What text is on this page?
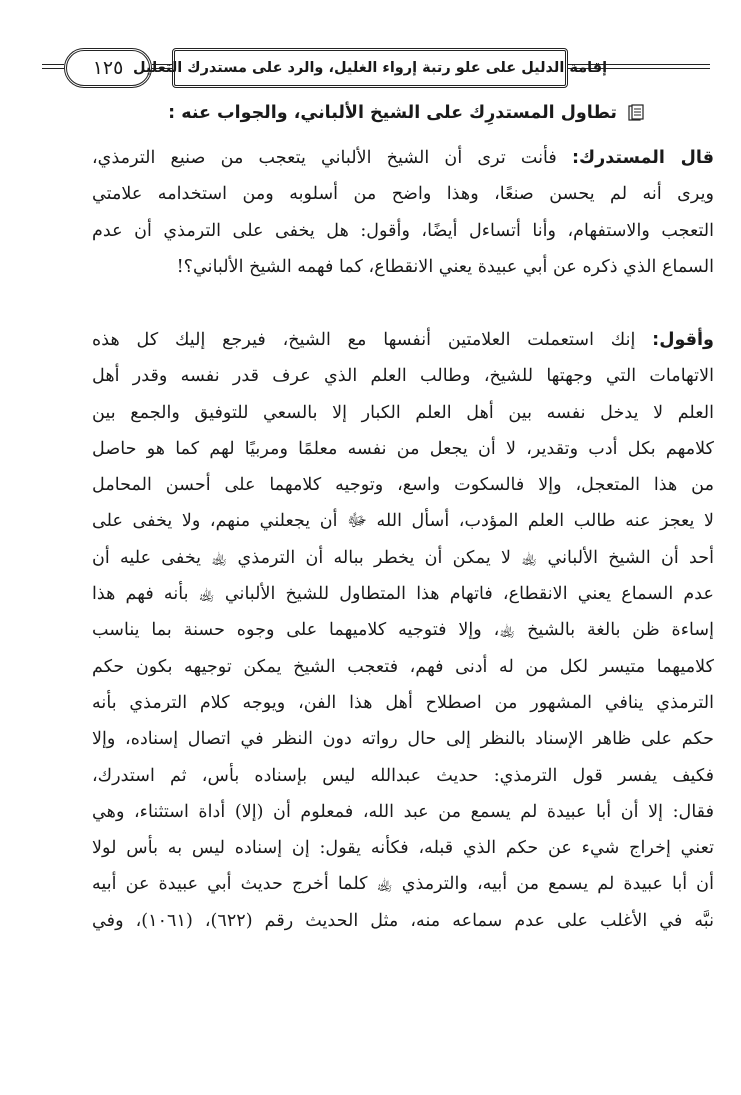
١٢٥ إقامة الدليل على علو رتبة إرواء الغليل، والرد على مستدرك التعليل
تطاول المستدرِك على الشيخ الألباني، والجواب عنه :
قال المستدرك: فأنت ترى أن الشيخ الألباني يتعجب من صنيع الترمذي،
ويرى أنه لم يحسن صنعًا، وهذا واضح من أسلوبه ومن استخدامه علامتي
التعجب والاستفهام، وأنا أتساءل أيضًا، وأقول: هل يخفى على الترمذي أن عدم
السماع الذي ذكره عن أبي عبيدة يعني الانقطاع، كما فهمه الشيخ الألباني؟!
وأقول: إنك استعملت العلامتين أنفسها مع الشيخ، فيرجع إليك كل هذه
الاتهامات التي وجهتها للشيخ، وطالب العلم الذي عرف قدر نفسه وقدر أهل
العلم لا يدخل نفسه بين أهل العلم الكبار إلا بالسعي للتوفيق والجمع بين
كلامهم بكل أدب وتقدير، لا أن يجعل من نفسه معلمًا ومربيًا لهم كما هو حاصل
من هذا المتعجل، وإلا فالسكوت واسع، وتوجيه كلامهما على أحسن المحامل
لا يعجز عنه طالب العلم المؤدب، أسأل الله ﷻ أن يجعلني منهم، ولا يخفى على
أحد أن الشيخ الألباني ﵀ لا يمكن أن يخطر بباله أن الترمذي ﵀ يخفى عليه أن
عدم السماع يعني الانقطاع، فاتهام هذا المتطاول للشيخ الألباني ﵀ بأنه فهم هذا
إساءة ظن بالغة بالشيخ ﵀، وإلا فتوجيه كلاميهما على وجوه حسنة بما يناسب
كلاميهما متيسر لكل من له أدنى فهم، فتعجب الشيخ يمكن توجيهه بكون حكم
الترمذي ينافي المشهور من اصطلاح أهل هذا الفن، ويوجه كلام الترمذي بأنه
حكم على ظاهر الإسناد بالنظر إلى حال رواته دون النظر في اتصال إسناده، وإلا
فكيف يفسر قول الترمذي: حديث عبدالله ليس بإسناده بأس، ثم استدرك،
فقال: إلا أن أبا عبيدة لم يسمع من عبد الله، فمعلوم أن (إلا) أداة استثناء، وهي
تعني إخراج شيء عن حكم الذي قبله، فكأنه يقول: إن إسناده ليس به بأس لولا
أن أبا عبيدة لم يسمع من أبيه، والترمذي ﵀ كلما أخرج حديث أبي عبيدة عن أبيه
نبَّه في الأغلب على عدم سماعه منه، مثل الحديث رقم (٦٢٢)، (١٠٦١)، وفي
